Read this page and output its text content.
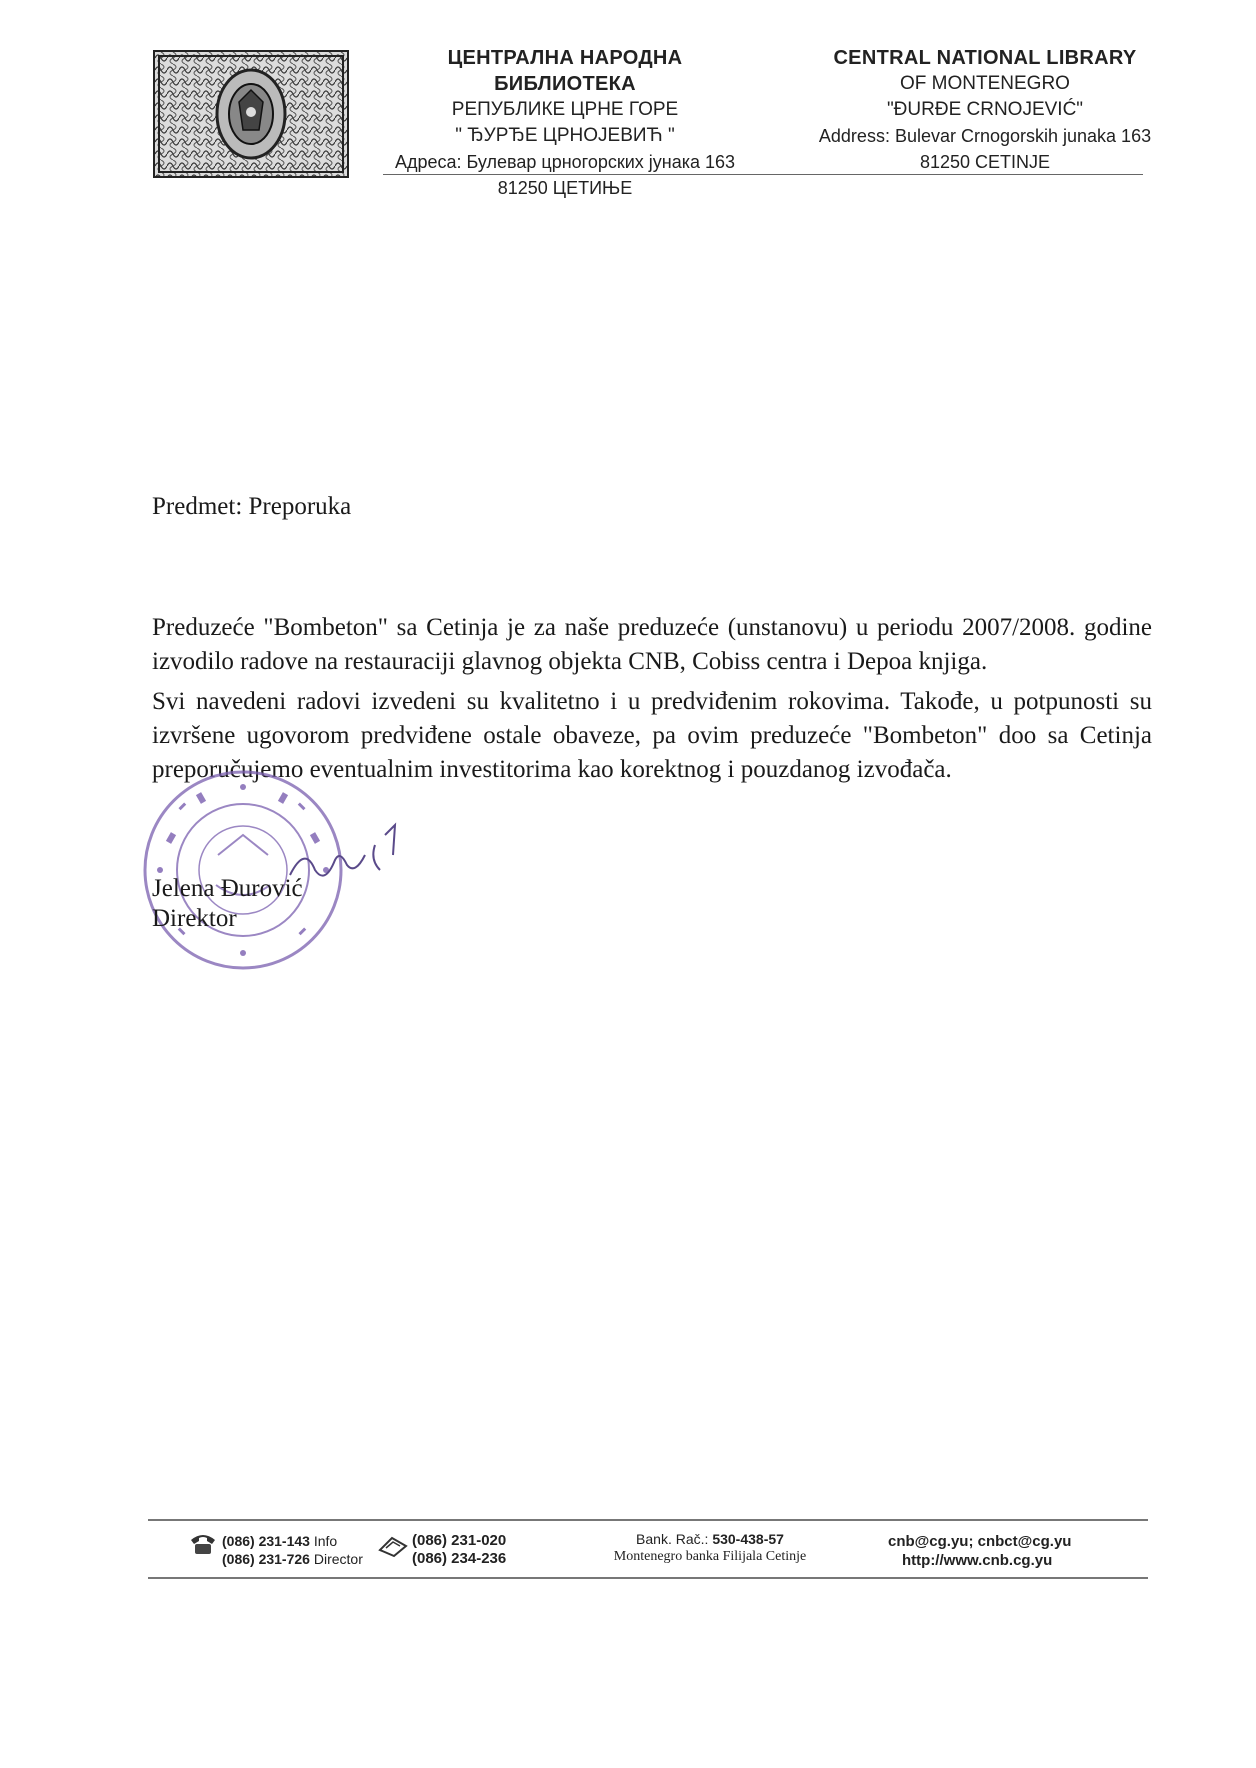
ЦЕНТРАЛНА НАРОДНА БИБЛИОТЕКА
РЕПУБЛИКЕ ЦРНЕ ГОРЕ
" ЂУРЂЕ ЦРНОЈЕВИЋ "
Адреса: Булевар црногорских јунака 163
81250 ЦЕТИЊЕ
CENTRAL NATIONAL LIBRARY
OF MONTENEGRO
"ĐURĐE CRNOJEVIĆ"
Address: Bulevar Crnogorskih junaka 163
81250 CETINJE
Predmet: Preporuka
Preduzeće "Bombeton" sa Cetinja je za naše preduzeće (unstanovu) u periodu 2007/2008. godine izvodilo radove na restauraciji glavnog objekta CNB, Cobiss centra i Depoa knjiga.
Svi navedeni radovi izvedeni su kvalitetno i u predviđenim rokovima. Takođe, u potpunosti su izvršene ugovorom predviđene ostale obaveze, pa ovim preduzeće "Bombeton" doo sa Cetinja preporučujemo eventualnim investitorima kao korektnog i pouzdanog izvođača.
Jelena Đurović
Direktor
(086) 231-143 Info
(086) 231-726 Director
(086) 231-020
(086) 234-236
Bank. Rač.: 530-438-57
Montenegro banka Filijala Cetinje
cnb@cg.yu; cnbct@cg.yu
http://www.cnb.cg.yu
